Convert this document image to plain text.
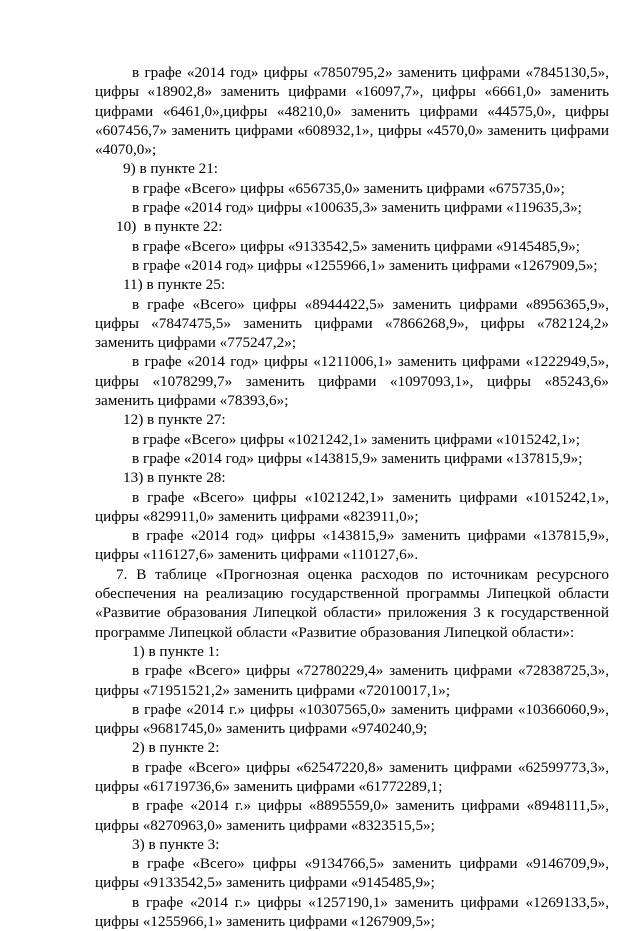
в графе «2014 год» цифры «7850795,2» заменить цифрами «7845130,5»,
цифры «18902,8» заменить цифрами «16097,7», цифры «6661,0» заменить
цифрами «6461,0»,цифры «48210,0» заменить цифрами «44575,0», цифры
«607456,7» заменить цифрами «608932,1», цифры «4570,0» заменить цифрами
«4070,0»;
9) в пункте 21:
в графе «Всего» цифры «656735,0» заменить цифрами «675735,0»;
в графе «2014 год» цифры «100635,3» заменить цифрами «119635,3»;
10)  в пункте 22:
в графе «Всего» цифры «9133542,5» заменить цифрами «9145485,9»;
в графе «2014 год» цифры «1255966,1» заменить цифрами «1267909,5»;
11) в пункте 25:
в графе «Всего» цифры «8944422,5» заменить цифрами «8956365,9»,
цифры «7847475,5» заменить цифрами «7866268,9», цифры «782124,2»
заменить цифрами «775247,2»;
в графе «2014 год» цифры «1211006,1» заменить цифрами «1222949,5»,
цифры «1078299,7» заменить цифрами «1097093,1», цифры «85243,6»
заменить цифрами «78393,6»;
12) в пункте 27:
в графе «Всего» цифры «1021242,1» заменить цифрами «1015242,1»;
в графе «2014 год» цифры «143815,9» заменить цифрами «137815,9»;
13) в пункте 28:
в графе «Всего» цифры «1021242,1» заменить цифрами «1015242,1»,
цифры «829911,0» заменить цифрами «823911,0»;
в графе «2014 год» цифры «143815,9» заменить цифрами «137815,9»,
цифры «116127,6» заменить цифрами «110127,6».
7. В таблице «Прогнозная оценка расходов по источникам ресурсного
обеспечения на реализацию государственной программы Липецкой области
«Развитие образования Липецкой области» приложения 3 к государственной
программе Липецкой области «Развитие образования Липецкой области»:
1) в пункте 1:
в графе «Всего» цифры «72780229,4» заменить цифрами «72838725,3»,
цифры «71951521,2» заменить цифрами «72010017,1»;
в графе «2014 г.» цифры «10307565,0» заменить цифрами «10366060,9»,
цифры «9681745,0» заменить цифрами «9740240,9;
2) в пункте 2:
в графе «Всего» цифры «62547220,8» заменить цифрами «62599773,3»,
цифры «61719736,6» заменить цифрами «61772289,1;
в графе «2014 г.» цифры «8895559,0» заменить цифрами «8948111,5»,
цифры «8270963,0» заменить цифрами «8323515,5»;
3) в пункте 3:
в графе «Всего» цифры «9134766,5» заменить цифрами «9146709,9»,
цифры «9133542,5» заменить цифрами «9145485,9»;
в графе «2014 г.» цифры «1257190,1» заменить цифрами «1269133,5»,
цифры «1255966,1» заменить цифрами «1267909,5»;
